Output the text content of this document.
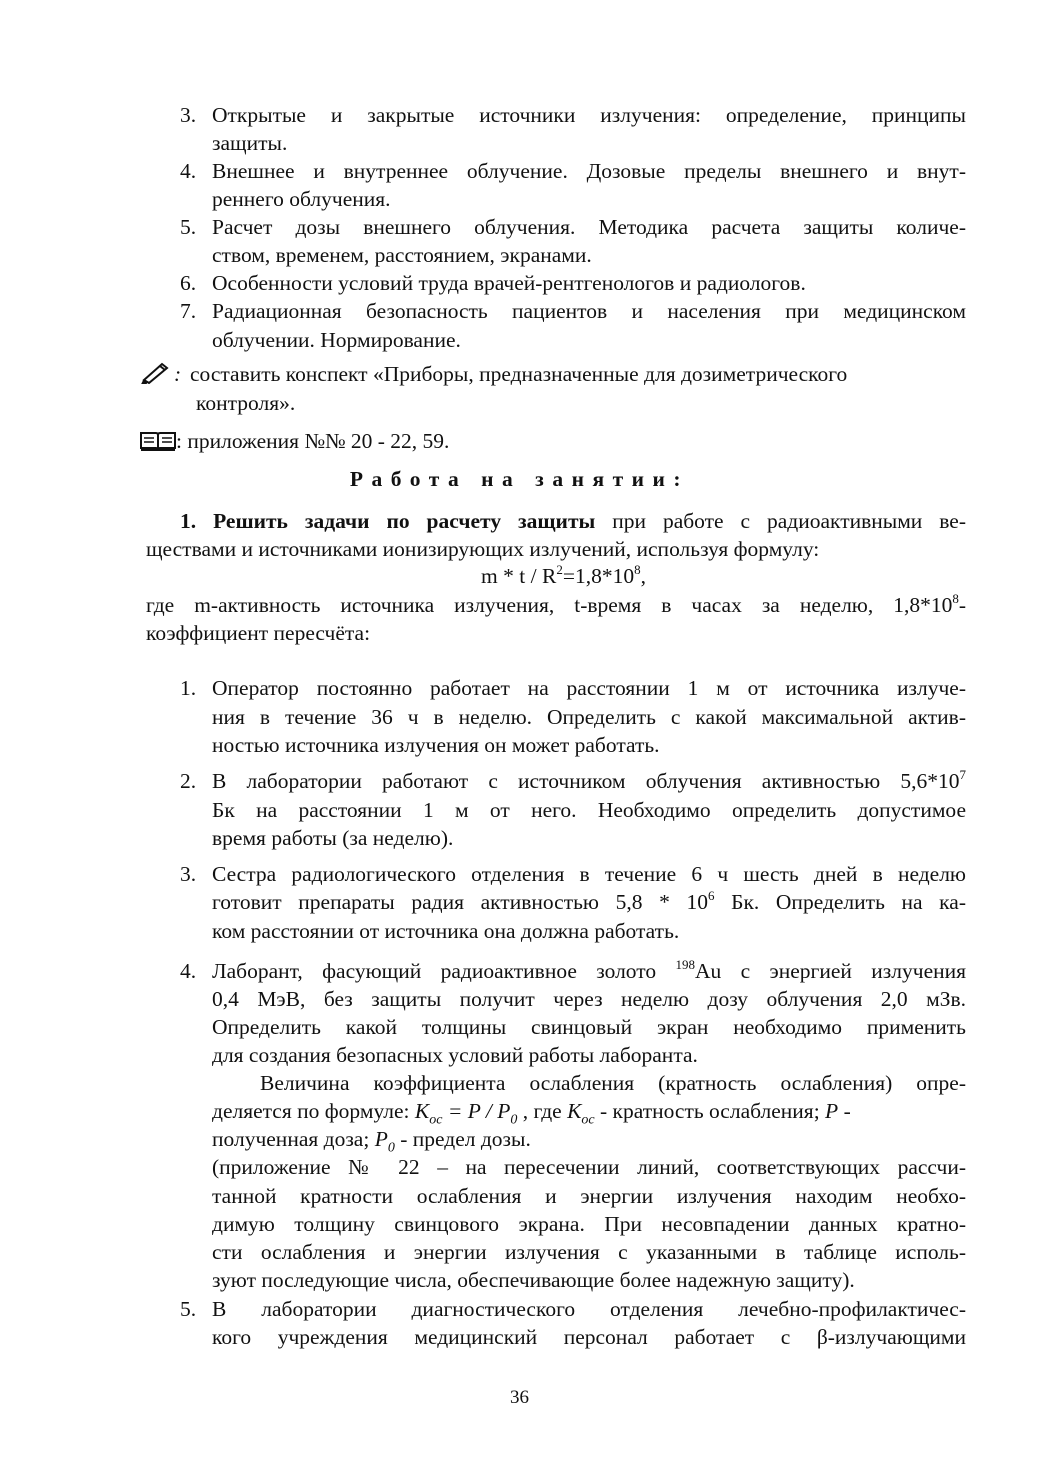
3. Открытые и закрытые источники излучения: определение, принципы
защиты.
4. Внешнее и внутреннее облучение. Дозовые пределы внешнего и внут-
реннего облучения.
5. Расчет дозы внешнего облучения. Методика расчета защиты количе-
ством, временем, расстоянием, экранами.
6. Особенности условий труда врачей-рентгенологов и радиологов.
7. Радиационная безопасность пациентов и населения при медицинском
облучении. Нормирование.
: составить конспект «Приборы, предназначенные для дозиметрического
контроля».
: приложения №№ 20 - 22, 59.
Работа на занятии:
1. Решить задачи по расчету защиты при работе с радиоактивными ве-
ществами и источниками ионизирующих излучений, используя формулу:
$m * t / R^2=1,8*10^8$,
где m-активность источника излучения, t-время в часах за неделю, $1,8*10^8-$
коэффициент пересчёта:
1. Оператор постоянно работает на расстоянии 1 м от источника излуче-
ния в течение 36 ч в неделю. Определить с какой максимальной актив-
ностью источника излучения он может работать.
2. В лаборатории работают с источником облучения активностью $5,6*10^7$
Бк на расстоянии 1 м от него. Необходимо определить допустимое
время работы (за неделю).
3. Сестра радиологического отделения в течение 6 ч шесть дней в неделю
готовит препараты радия активностью $5,8 * 10^6$ Бк. Определить на ка-
ком расстоянии от источника она должна работать.
4. Лаборант, фасующий радиоактивное золото $^{198}$Au с энергией излучения
0,4 МэВ, без защиты получит через неделю дозу облучения 2,0 мЗв.
Определить какой толщины свинцовый экран необходимо применить
для создания безопасных условий работы лаборанта.
Величина коэффициента ослабления (кратность ослабления) опре-
деляется по формуле: $K_{ос} = P / P_0$ , где $K_{ос}$ - кратность ослабления; P -
полученная доза; $P_0$ - предел дозы.
(приложение № 22 – на пересечении линий, соответствующих рассчи-
танной кратности ослабления и энергии излучения находим необхо-
димую толщину свинцового экрана. При несовпадении данных кратно-
сти ослабления и энергии излучения с указанными в таблице исполь-
зуют последующие числа, обеспечивающие более надежную защиту).
5. В лаборатории диагностического отделения лечебно-профилактичес-
кого учреждения медицинский персонал работает с β-излучающими
36
